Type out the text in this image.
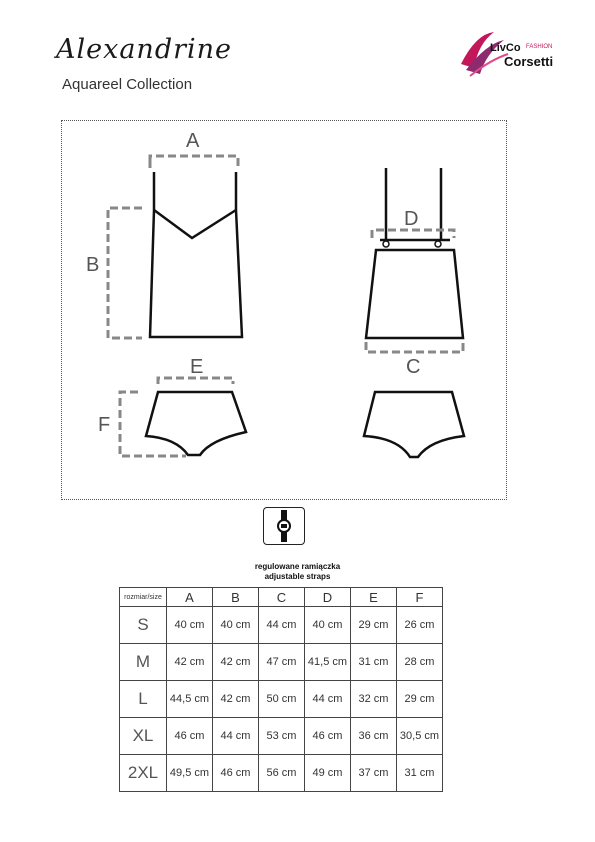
Alexandrine
Aquareel Collection
LivCo FASHION
Corsetti
A
B
D
C
E
F
regulowane ramiączka
adjustable straps
rozmiar/size	A	B	C	D	E	F
S	40 cm	40 cm	44 cm	40 cm	29 cm	26 cm
M	42 cm	42 cm	47 cm	41,5 cm	31 cm	28 cm
L	44,5 cm	42 cm	50 cm	44 cm	32 cm	29 cm
XL	46 cm	44 cm	53 cm	46 cm	36 cm	30,5 cm
2XL	49,5 cm	46 cm	56 cm	49 cm	37 cm	31 cm
